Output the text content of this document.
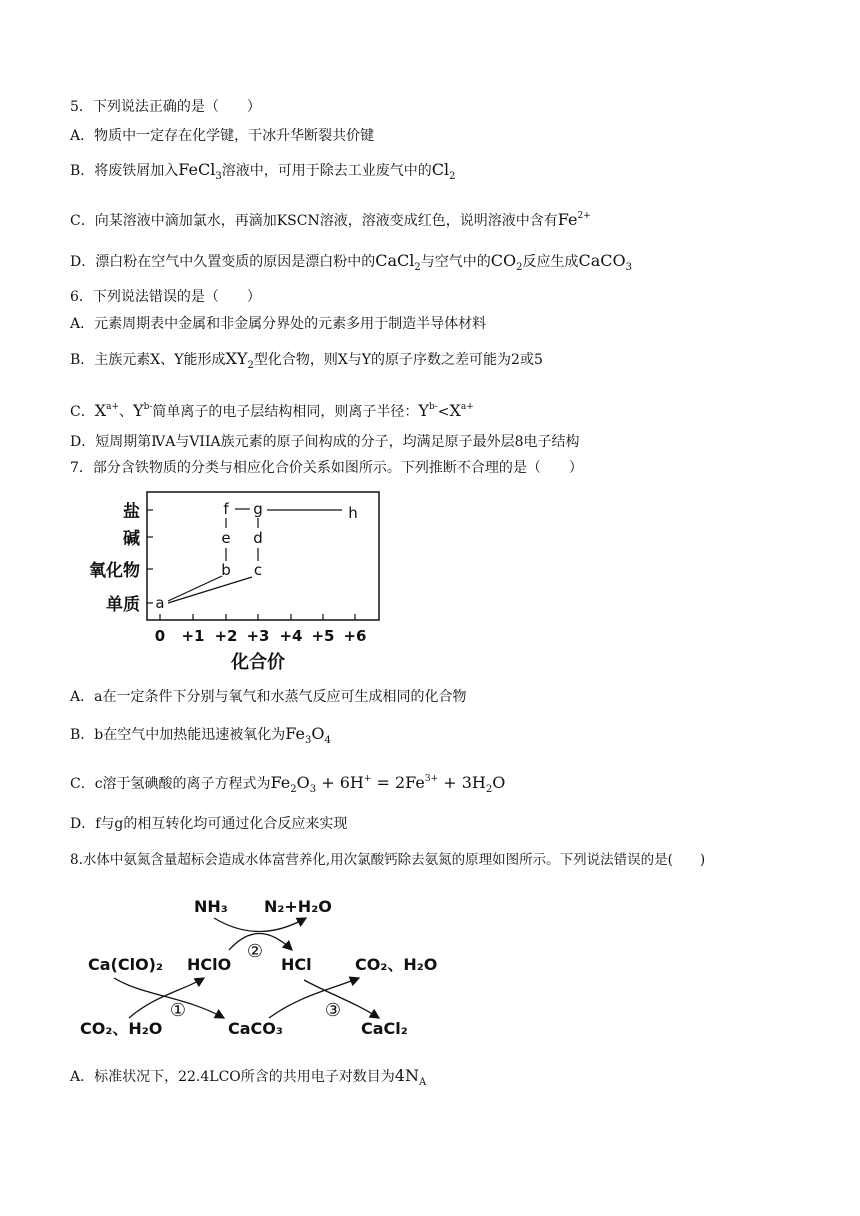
5．下列说法正确的是（　　）
A．物质中一定存在化学键，干冰升华断裂共价键
B．将废铁屑加入FeCl$_3$溶液中，可用于除去工业废气中的$Cl_2$
C．向某溶液中滴加氯水，再滴加KSCN溶液，溶液变成红色，说明溶液中含有$Fe^{2+}$
D．漂白粉在空气中久置变质的原因是漂白粉中的CaCl$_2$与空气中的$CO_2$反应生成CaCO$_3$
6．下列说法错误的是（　　）
A．元素周期表中金属和非金属分界处的元素多用于制造半导体材料
B．主族元素X、Y能形成$XY_2$型化合物，则X与Y的原子序数之差可能为2或5
C．$X^{a+}$、$Y^{b-}$简单离子的电子层结构相同，则离子半径：$Y^{b-}<X^{a+}$
D．短周期第ⅣA与VIIA族元素的原子间构成的分子，均满足原子最外层8电子结构
7．部分含铁物质的分类与相应化合价关系如图所示。下列推断不合理的是（　　）
盐
碱
氧化物
单质
0 +1 +2 +3 +4 +5 +6
化合价
a
b c
d
e
f g	h
A．a在一定条件下分别与氧气和水蒸气反应可生成相同的化合物
B．b在空气中加热能迅速被氧化为$Fe_3O_4$
C．c溶于氢碘酸的离子方程式为$Fe_2O_3 + 6H^+ = 2Fe^{3+} + 3H_2O$
D．f与g的相互转化均可通过化合反应来实现
8.水体中氨氮含量超标会造成水体富营养化,用次氯酸钙除去氨氮的原理如图所示。下列说法错误的是(　　)
NH₃ N₂+H₂O
②
Ca(ClO)₂ HClO	HCl	CO₂、H₂O
①	③
CO₂、H₂O	CaCO₃	CaCl₂
A．标准状况下，22.4LCO所含的共用电子对数目为$4N_A$
